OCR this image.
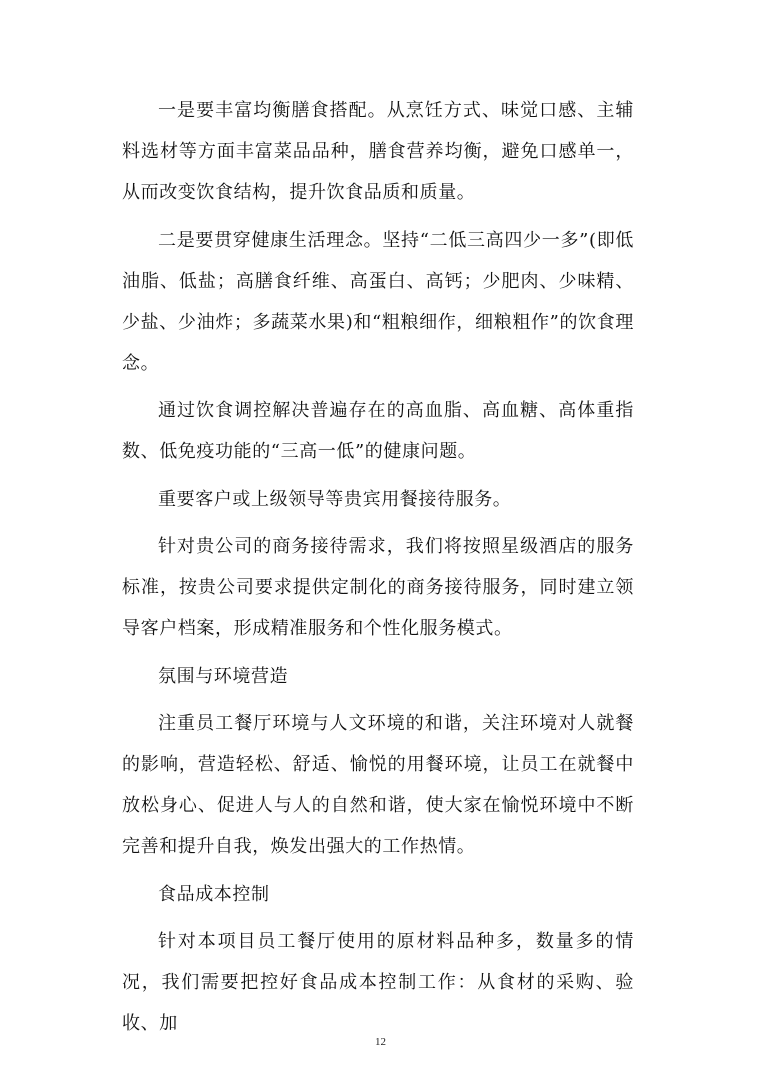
一是要丰富均衡膳食搭配。从烹饪方式、味觉口感、主辅料选材等方面丰富菜品品种，膳食营养均衡，避免口感单一，从而改变饮食结构，提升饮食品质和质量。

二是要贯穿健康生活理念。坚持“二低三高四少一多”(即低油脂、低盐；高膳食纤维、高蛋白、高钙；少肥肉、少味精、少盐、少油炸；多蔬菜水果)和“粗粮细作，细粮粗作”的饮食理念。

通过饮食调控解决普遍存在的高血脂、高血糖、高体重指数、低免疫功能的“三高一低”的健康问题。

重要客户或上级领导等贵宾用餐接待服务。

针对贵公司的商务接待需求，我们将按照星级酒店的服务标准，按贵公司要求提供定制化的商务接待服务，同时建立领导客户档案，形成精准服务和个性化服务模式。

氛围与环境营造

注重员工餐厅环境与人文环境的和谐，关注环境对人就餐的影响，营造轻松、舒适、愉悦的用餐环境，让员工在就餐中放松身心、促进人与人的自然和谐，使大家在愉悦环境中不断完善和提升自我，焕发出强大的工作热情。

食品成本控制

针对本项目员工餐厅使用的原材料品种多，数量多的情况，我们需要把控好食品成本控制工作：从食材的采购、验收、加

12
